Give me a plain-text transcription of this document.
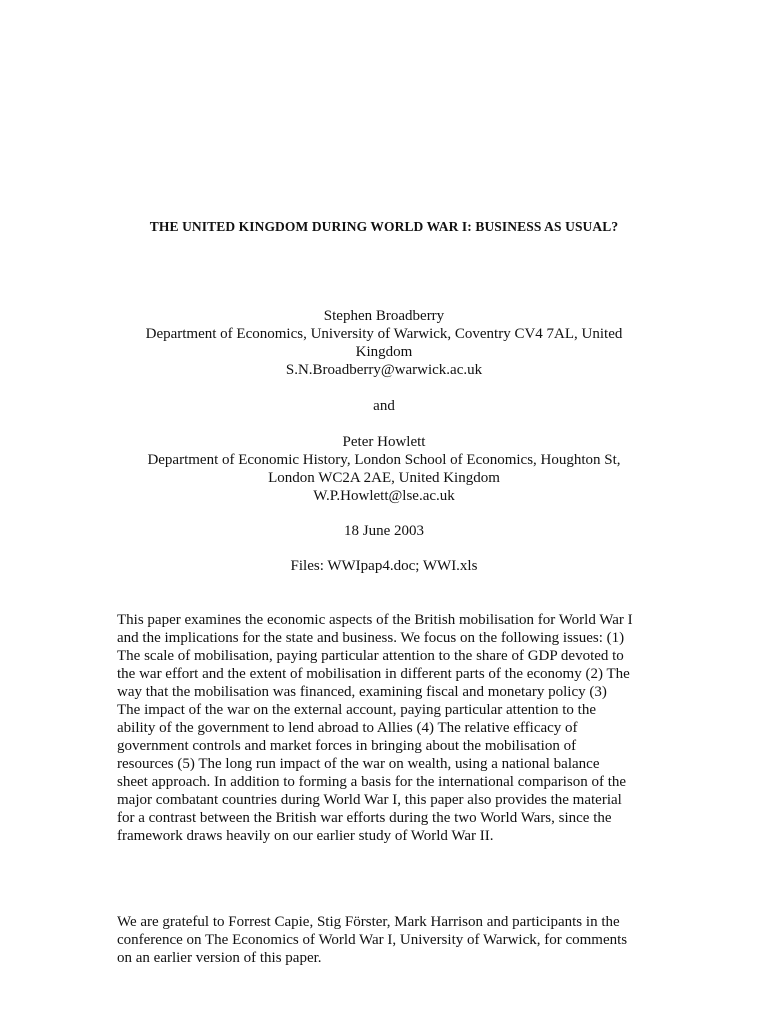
THE UNITED KINGDOM DURING WORLD WAR I: BUSINESS AS USUAL?
Stephen Broadberry
Department of Economics, University of Warwick, Coventry CV4 7AL, United
Kingdom
S.N.Broadberry@warwick.ac.uk
and
Peter Howlett
Department of Economic History, London School of Economics, Houghton St,
London WC2A 2AE, United Kingdom
W.P.Howlett@lse.ac.uk
18 June 2003
Files: WWIpap4.doc; WWI.xls
This paper examines the economic aspects of the British mobilisation for World War I
and the implications for the state and business. We focus on the following issues: (1)
The scale of mobilisation, paying particular attention to the share of GDP devoted to
the war effort and the extent of mobilisation in different parts of the economy (2) The
way that the mobilisation was financed, examining fiscal and monetary policy (3)
The impact of the war on the external account, paying particular attention to the
ability of the government to lend abroad to Allies (4) The relative efficacy of
government controls and market forces in bringing about the mobilisation of
resources (5) The long run impact of the war on wealth, using a national balance
sheet approach. In addition to forming a basis for the international comparison of the
major combatant countries during World War I, this paper also provides the material
for a contrast between the British war efforts during the two World Wars, since the
framework draws heavily on our earlier study of World War II.
We are grateful to Forrest Capie, Stig Förster, Mark Harrison and participants in the
conference on The Economics of World War I, University of Warwick, for comments
on an earlier version of this paper.
